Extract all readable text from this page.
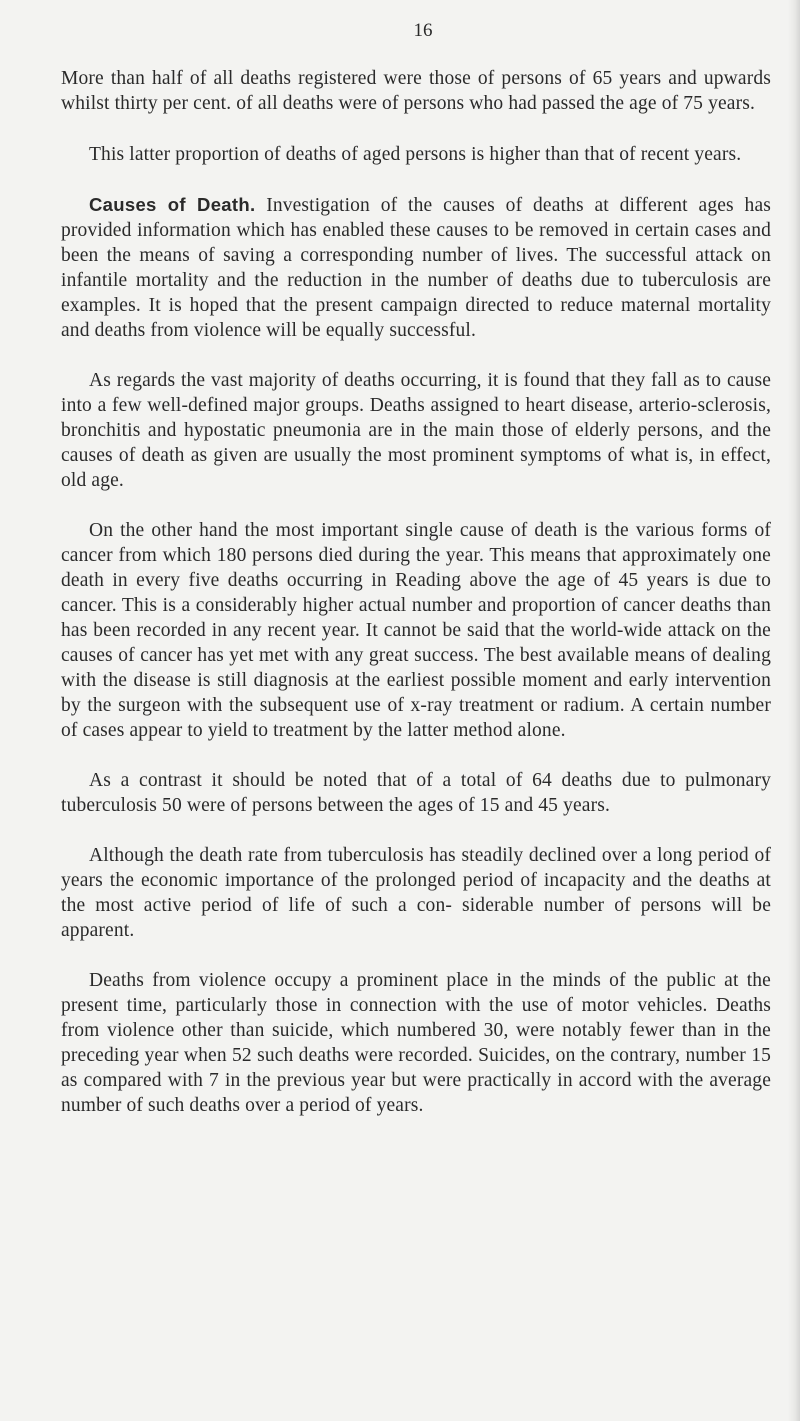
16

More than half of all deaths registered were those of persons of 65 years and upwards whilst thirty per cent. of all deaths were of persons who had passed the age of 75 years.

This latter proportion of deaths of aged persons is higher than that of recent years.

Causes of Death. Investigation of the causes of deaths at different ages has provided information which has enabled these causes to be removed in certain cases and been the means of saving a corresponding number of lives. The successful attack on infantile mortality and the reduction in the number of deaths due to tuberculosis are examples. It is hoped that the present campaign directed to reduce maternal mortality and deaths from violence will be equally successful.

As regards the vast majority of deaths occurring, it is found that they fall as to cause into a few well-defined major groups. Deaths assigned to heart disease, arterio-sclerosis, bronchitis and hypostatic pneumonia are in the main those of elderly persons, and the causes of death as given are usually the most prominent symptoms of what is, in effect, old age.

On the other hand the most important single cause of death is the various forms of cancer from which 180 persons died during the year. This means that approximately one death in every five deaths occurring in Reading above the age of 45 years is due to cancer. This is a considerably higher actual number and proportion of cancer deaths than has been recorded in any recent year. It cannot be said that the world-wide attack on the causes of cancer has yet met with any great success. The best available means of dealing with the disease is still diagnosis at the earliest possible moment and early intervention by the surgeon with the subsequent use of x-ray treatment or radium. A certain number of cases appear to yield to treatment by the latter method alone.

As a contrast it should be noted that of a total of 64 deaths due to pulmonary tuberculosis 50 were of persons between the ages of 15 and 45 years.

Although the death rate from tuberculosis has steadily declined over a long period of years the economic importance of the prolonged period of incapacity and the deaths at the most active period of life of such a con- siderable number of persons will be apparent.

Deaths from violence occupy a prominent place in the minds of the public at the present time, particularly those in connection with the use of motor vehicles. Deaths from violence other than suicide, which numbered 30, were notably fewer than in the preceding year when 52 such deaths were recorded. Suicides, on the contrary, number 15 as compared with 7 in the previous year but were practically in accord with the average number of such deaths over a period of years.
